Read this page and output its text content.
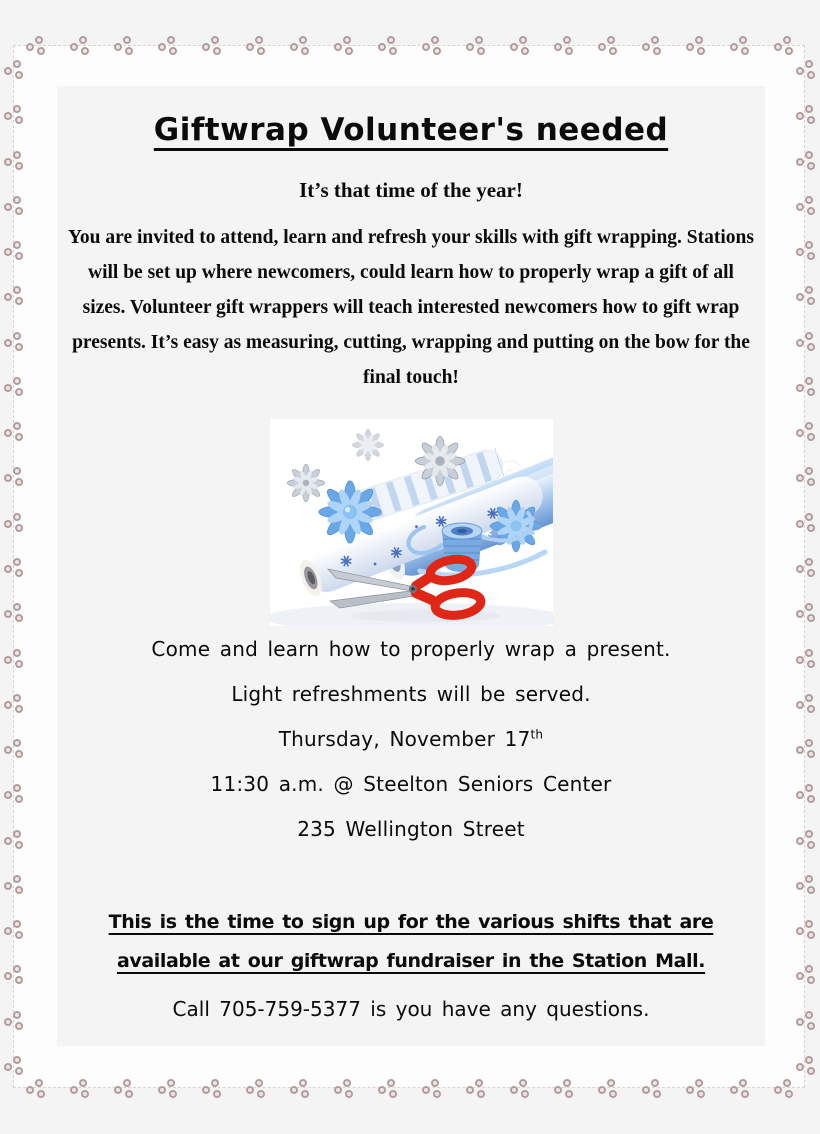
Giftwrap Volunteer's needed

It’s that time of the year!

You are invited to attend, learn and refresh your skills with gift wrapping. Stations will be set up where newcomers, could learn how to properly wrap a gift of all sizes. Volunteer gift wrappers will teach interested newcomers how to gift wrap presents. It’s easy as measuring, cutting, wrapping and putting on the bow for the final touch!

Come and learn how to properly wrap a present.

Light refreshments will be served.

Thursday, November 17th

11:30 a.m. @ Steelton Seniors Center

235 Wellington Street

This is the time to sign up for the various shifts that are
available at our giftwrap fundraiser in the Station Mall.

Call 705-759-5377 is you have any questions.
